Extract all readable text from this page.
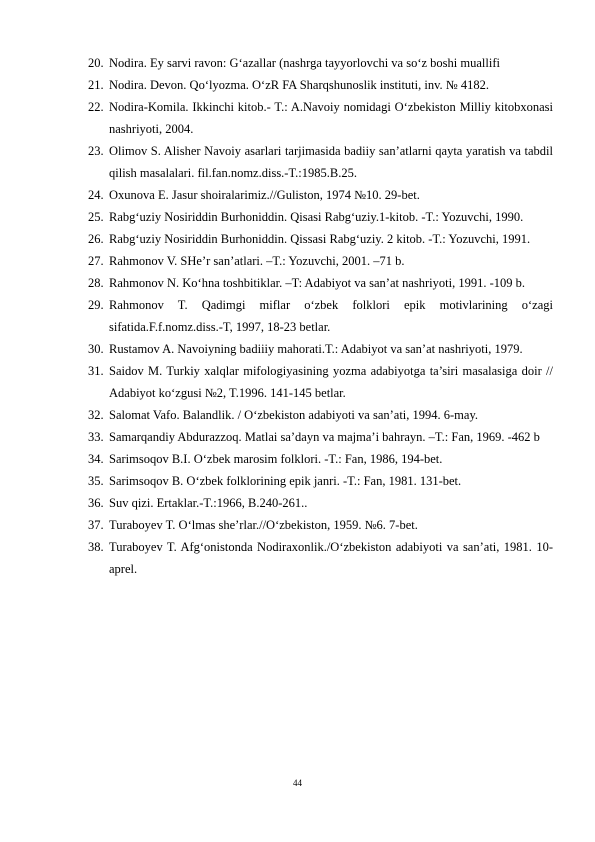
20. Nodira. Ey sarvi ravon: G‘azallar (nashrga tayyorlovchi va so‘z boshi muallifi
21. Nodira. Devon. Qo‘lyozma. O‘zR FA Sharqshunoslik instituti, inv. № 4182.
22. Nodira-Komila. Ikkinchi kitob.- T.: A.Navoiy nomidagi O‘zbekiston Milliy kitobxonasi nashriyoti, 2004.
23. Olimov S. Alisher Navoiy asarlari tarjimasida badiiy san’atlarni qayta yaratish va tabdil qilish masalalari. fil.fan.nomz.diss.-T.:1985.B.25.
24. Oxunova E. Jasur shoiralarimiz.//Guliston, 1974 №10. 29-bet.
25. Rabg‘uziy Nosiriddin Burhoniddin. Qisasi Rabg‘uziy.1-kitob. -T.: Yozuvchi, 1990.
26. Rabg‘uziy Nosiriddin Burhoniddin. Qissasi Rabg‘uziy. 2 kitob. -T.: Yozuvchi, 1991.
27. Rahmonov V. SHe’r san’atlari. –T.: Yozuvchi, 2001. –71 b.
28. Rahmonov N. Ko‘hna toshbitiklar. –T: Adabiyot va san’at nashriyoti, 1991. -109 b.
29. Rahmonov T. Qadimgi miflar o‘zbek folklori epik motivlarining o‘zagi sifatida.F.f.nomz.diss.-T, 1997, 18-23 betlar.
30. Rustamov A. Navoiyning badiiiy mahorati.T.: Adabiyot va san’at nashriyoti, 1979.
31. Saidov M. Turkiy xalqlar mifologiyasining yozma adabiyotga ta’siri masalasiga doir // Adabiyot ko‘zgusi №2, T.1996. 141-145 betlar.
32. Salomat Vafo. Balandlik. / O‘zbekiston adabiyoti va san’ati, 1994. 6-may.
33. Samarqandiy Abdurazzoq. Matlai sa’dayn va majma’i bahrayn. –T.: Fan, 1969. -462 b
34. Sarimsoqov B.I. O‘zbek marosim folklori. -T.: Fan, 1986, 194-bet.
35. Sarimsoqov B. O‘zbek folklorining epik janri. -T.: Fan, 1981. 131-bet.
36. Suv qizi. Ertaklar.-T.:1966, B.240-261..
37. Turaboyev T. O‘lmas she’rlar.//O‘zbekiston, 1959. №6. 7-bet.
38. Turaboyev T. Afg‘onistonda Nodiraxonlik./O‘zbekiston adabiyoti va san’ati, 1981. 10-aprel.
44
